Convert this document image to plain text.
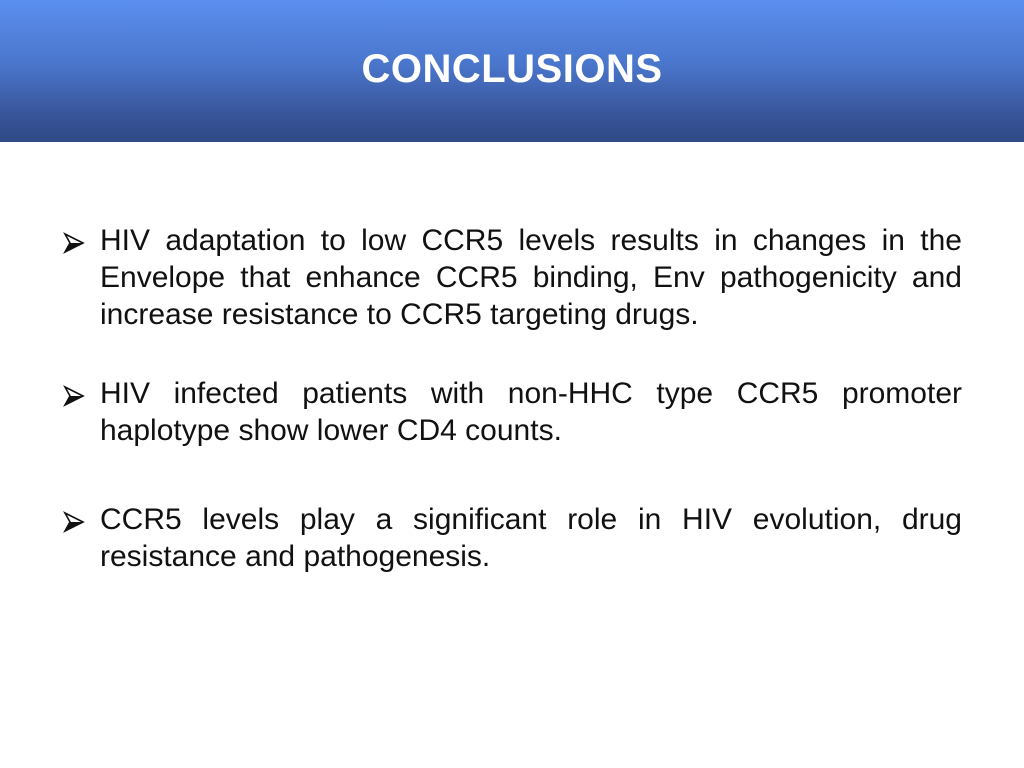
CONCLUSIONS
HIV adaptation to low CCR5 levels results in changes in the Envelope that enhance CCR5 binding, Env pathogenicity and increase resistance to CCR5 targeting drugs.
HIV infected patients with non-HHC type CCR5 promoter haplotype show lower CD4 counts.
CCR5 levels play a significant role in HIV evolution, drug resistance and pathogenesis.
